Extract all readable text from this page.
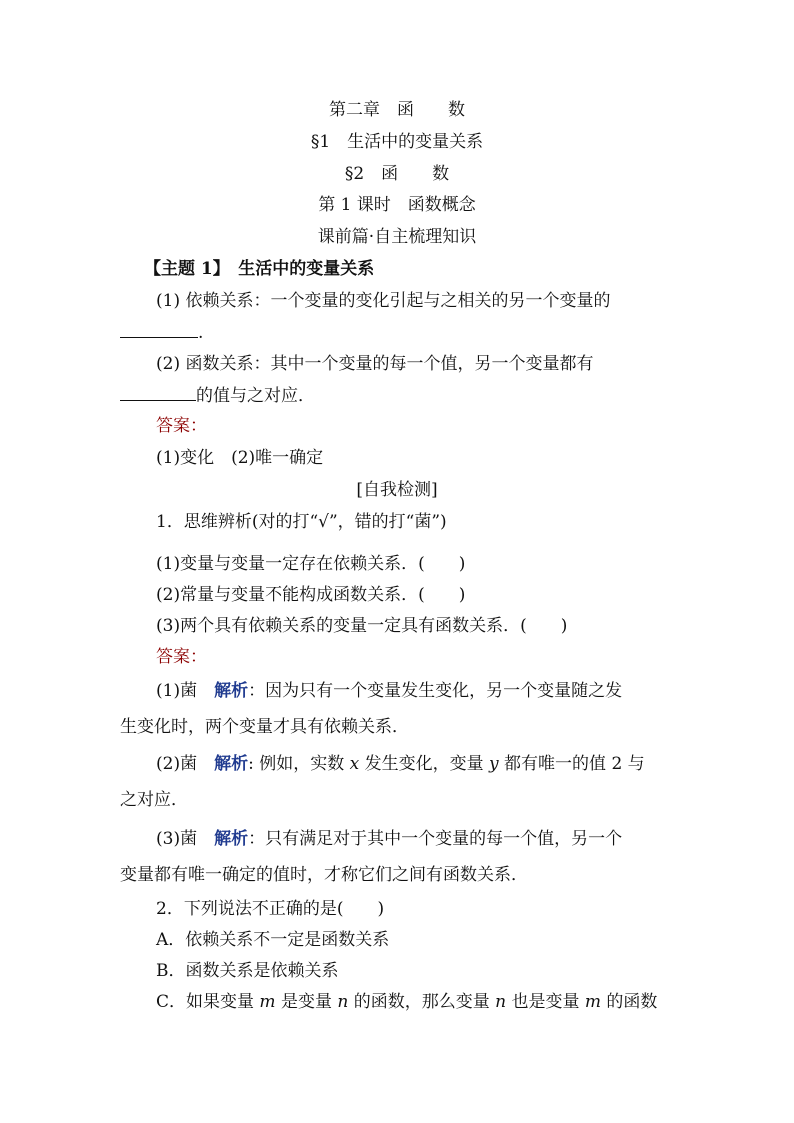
第二章　函　　数
§1　生活中的变量关系
§2　函　　数
第 1 课时　函数概念
课前篇·自主梳理知识
【主题 1】　生活中的变量关系
(1) 依赖关系：一个变量的变化引起与之相关的另一个变量的
.
(2) 函数关系：其中一个变量的每一个值，另一个变量都有
的值与之对应．
答案：
(1)变化　(2)唯一确定
[自我检测]
1．思维辨析(对的打“√”，错的打“菌”)
(1)变量与变量一定存在依赖关系．(　　)
(2)常量与变量不能构成函数关系．(　　)
(3)两个具有依赖关系的变量一定具有函数关系．(　　)
答案：
(1)菌　 解析：因为只有一个变量发生变化，另一个变量随之发
生变化时，两个变量才具有依赖关系．
(2)菌　 解析: 例如，实数 x 发生变化，变量 y 都有唯一的值 2 与
之对应．
(3)菌　 解析：只有满足对于其中一个变量的每一个值，另一个
变量都有唯一确定的值时，才称它们之间有函数关系．
2．下列说法不正确的是(　　)
A．依赖关系不一定是函数关系
B．函数关系是依赖关系
C．如果变量 m 是变量 n 的函数，那么变量 n 也是变量 m 的函数
